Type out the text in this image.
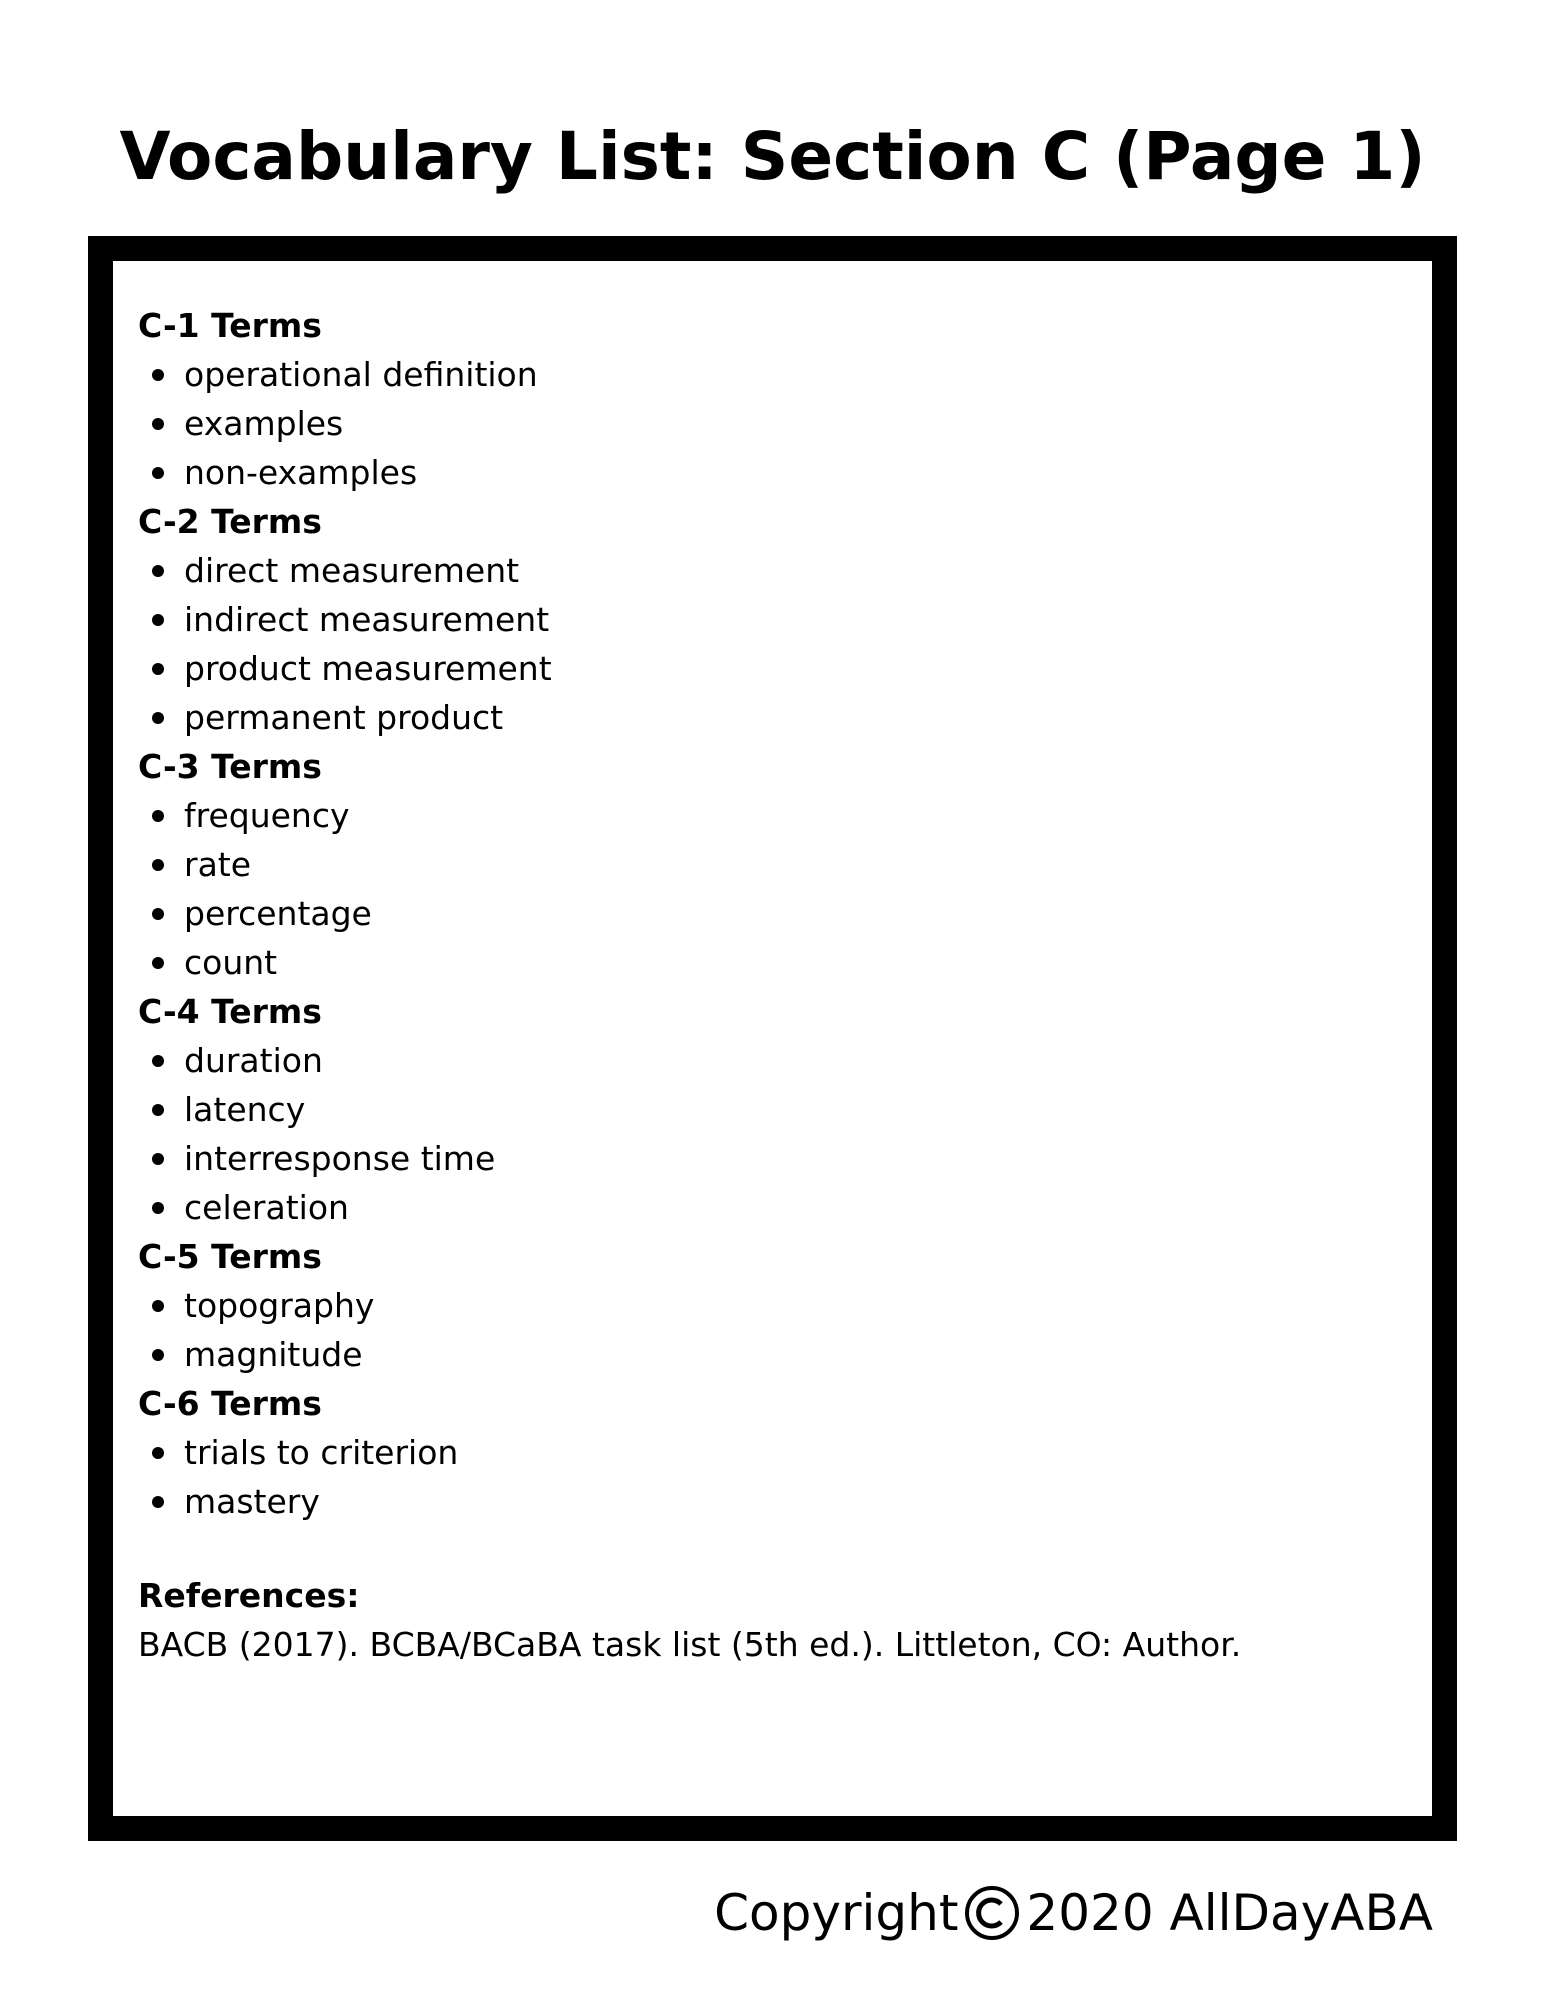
Vocabulary List: Section C (Page 1)
C-1 Terms
operational definition
examples
non-examples
C-2 Terms
direct measurement
indirect measurement
product measurement
permanent product
C-3 Terms
frequency
rate
percentage
count
C-4 Terms
duration
latency
interresponse time
celeration
C-5 Terms
topography
magnitude
C-6 Terms
trials to criterion
mastery
References:
BACB (2017). BCBA/BCaBA task list (5th ed.). Littleton, CO: Author.
Copyright 2020 AllDayABA
